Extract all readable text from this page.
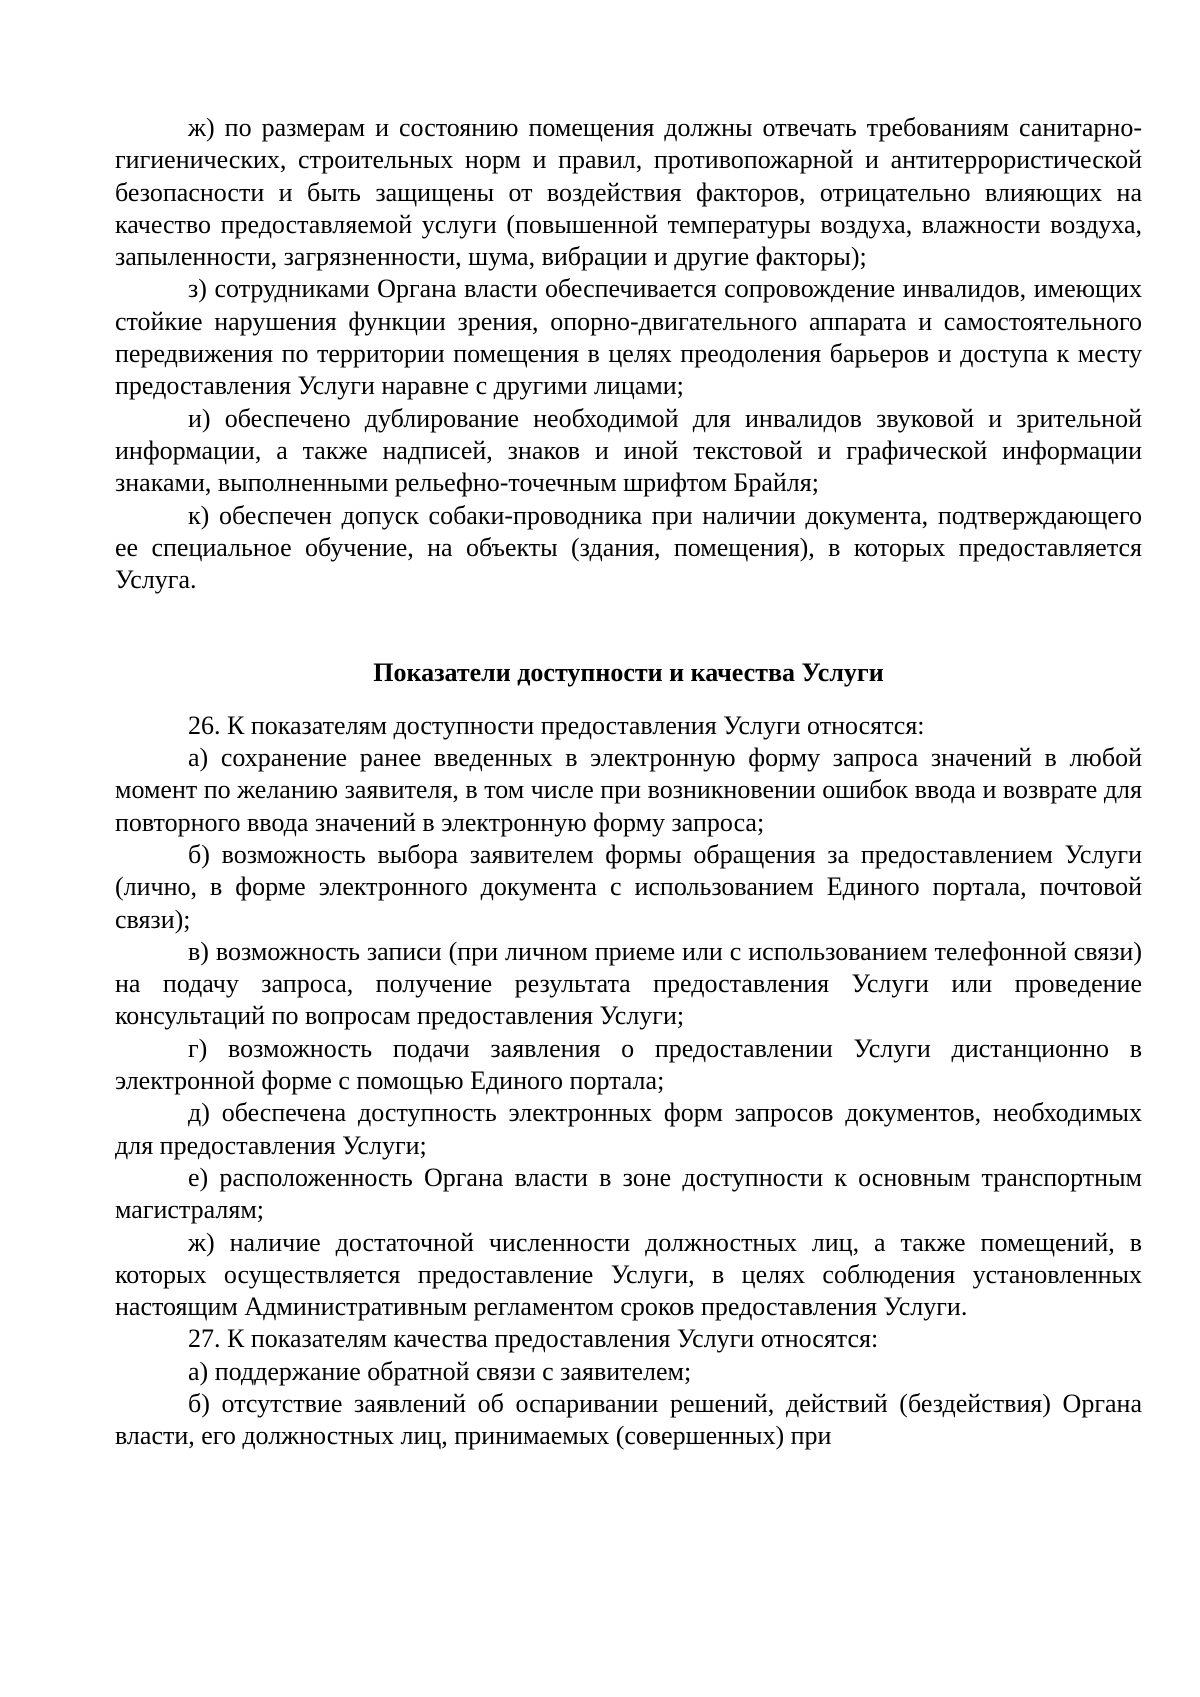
ж) по размерам и состоянию помещения должны отвечать требованиям санитарно-гигиенических, строительных норм и правил, противопожарной и антитеррористической безопасности и быть защищены от воздействия факторов, отрицательно влияющих на качество предоставляемой услуги (повышенной температуры воздуха, влажности воздуха, запыленности, загрязненности, шума, вибрации и другие факторы);

з) сотрудниками Органа власти обеспечивается сопровождение инвалидов, имеющих стойкие нарушения функции зрения, опорно-двигательного аппарата и самостоятельного передвижения по территории помещения в целях преодоления барьеров и доступа к месту предоставления Услуги наравне с другими лицами;

и) обеспечено дублирование необходимой для инвалидов звуковой и зрительной информации, а также надписей, знаков и иной текстовой и графической информации знаками, выполненными рельефно-точечным шрифтом Брайля;

к) обеспечен допуск собаки-проводника при наличии документа, подтверждающего ее специальное обучение, на объекты (здания, помещения), в которых предоставляется Услуга.

Показатели доступности и качества Услуги

26. К показателям доступности предоставления Услуги относятся:

а) сохранение ранее введенных в электронную форму запроса значений в любой момент по желанию заявителя, в том числе при возникновении ошибок ввода и возврате для повторного ввода значений в электронную форму запроса;

б) возможность выбора заявителем формы обращения за предоставлением Услуги (лично, в форме электронного документа с использованием Единого портала, почтовой связи);

в) возможность записи (при личном приеме или с использованием телефонной связи) на подачу запроса, получение результата предоставления Услуги или проведение консультаций по вопросам предоставления Услуги;

г) возможность подачи заявления о предоставлении Услуги дистанционно в электронной форме с помощью Единого портала;

д) обеспечена доступность электронных форм запросов документов, необходимых для предоставления Услуги;

е) расположенность Органа власти в зоне доступности к основным транспортным магистралям;

ж) наличие достаточной численности должностных лиц, а также помещений, в которых осуществляется предоставление Услуги, в целях соблюдения установленных настоящим Административным регламентом сроков предоставления Услуги.

27. К показателям качества предоставления Услуги относятся:

а) поддержание обратной связи с заявителем;

б) отсутствие заявлений об оспаривании решений, действий (бездействия) Органа власти, его должностных лиц, принимаемых (совершенных) при
